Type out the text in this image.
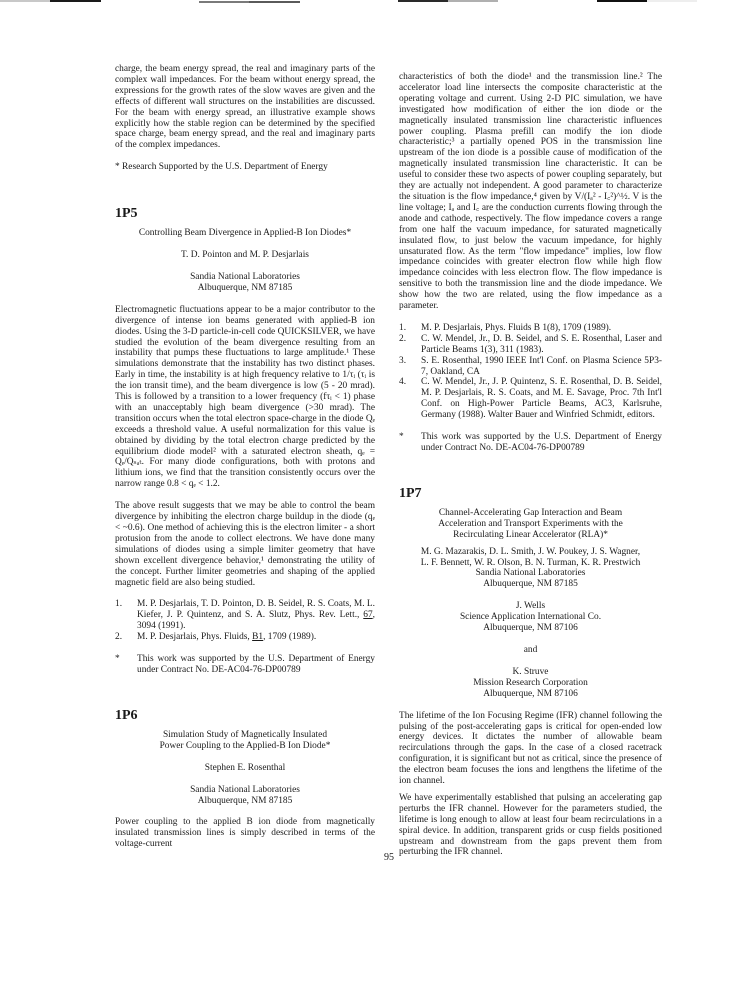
charge, the beam energy spread, the real and imaginary parts of the complex wall impedances. For the beam without energy spread, the expressions for the growth rates of the slow waves are given and the effects of different wall structures on the instabilities are discussed. For the beam with energy spread, an illustrative example shows explicitly how the stable region can be determined by the specified space charge, beam energy spread, and the real and imaginary parts of the complex impedances.

* Research Supported by the U.S. Department of Energy

1P5

Controlling Beam Divergence in Applied-B Ion Diodes*

T. D. Pointon and M. P. Desjarlais

Sandia National Laboratories

Albuquerque, NM 87185

Electromagnetic fluctuations appear to be a major contributor to the divergence of intense ion beams generated with applied-B ion diodes. Using the 3-D particle-in-cell code QUICKSILVER, we have studied the evolution of the beam divergence resulting from an instability that pumps these fluctuations to large amplitude.¹ These simulations demonstrate that the instability has two distinct phases. Early in time, the instability is at high frequency relative to 1/τᵢ (τᵢ is the ion transit time), and the beam divergence is low (5 - 20 mrad). This is followed by a transition to a lower frequency (fτᵢ < 1) phase with an unacceptably high beam divergence (>30 mrad). The transition occurs when the total electron space-charge in the diode Qₑ exceeds a threshold value. A useful normalization for this value is obtained by dividing by the total electron charge predicted by the equilibrium diode model² with a saturated electron sheath, qₑ = Qₑ/Qₛₐₜ. For many diode configurations, both with protons and lithium ions, we find that the transition consistently occurs over the narrow range 0.8 < qₑ < 1.2.

The above result suggests that we may be able to control the beam divergence by inhibiting the electron charge buildup in the diode (qₑ < ~0.6). One method of achieving this is the electron limiter - a short protusion from the anode to collect electrons. We have done many simulations of diodes using a simple limiter geometry that have shown excellent divergence behavior,¹ demonstrating the utility of the concept. Further limiter geometries and shaping of the applied magnetic field are also being studied.

1.	M. P. Desjarlais, T. D. Pointon, D. B. Seidel, R. S. Coats, M. L. Kiefer, J. P. Quintenz, and S. A. Slutz, Phys. Rev. Lett., 67, 3094 (1991).
2.	M. P. Desjarlais, Phys. Fluids, B1, 1709 (1989).
*	This work was supported by the U.S. Department of Energy under Contract No. DE-AC04-76-DP00789
1P6

Simulation Study of Magnetically Insulated

Power Coupling to the Applied-B Ion Diode*

Stephen E. Rosenthal

Sandia National Laboratories

Albuquerque, NM 87185

Power coupling to the applied B ion diode from magnetically insulated transmission lines is simply described in terms of the voltage-current

characteristics of both the diode¹ and the transmission line.² The accelerator load line intersects the composite characteristic at the operating voltage and current. Using 2-D PIC simulation, we have investigated how modification of either the ion diode or the magnetically insulated transmission line characteristic influences power coupling. Plasma prefill can modify the ion diode characteristic;³ a partially opened POS in the transmission line upstream of the ion diode is a possible cause of modification of the magnetically insulated transmission line characteristic. It can be useful to consider these two aspects of power coupling separately, but they are actually not independent. A good parameter to characterize the situation is the flow impedance,⁴ given by V/(Iₐ² - I꜀²)^½. V is the line voltage; Iₐ and I꜀ are the conduction currents flowing through the anode and cathode, respectively. The flow impedance covers a range from one half the vacuum impedance, for saturated magnetically insulated flow, to just below the vacuum impedance, for highly unsaturated flow. As the term "flow impedance" implies, low flow impedance coincides with greater electron flow while high flow impedance coincides with less electron flow. The flow impedance is sensitive to both the transmission line and the diode impedance. We show how the two are related, using the flow impedance as a parameter.

1.	M. P. Desjarlais, Phys. Fluids B 1(8), 1709 (1989).
2.	C. W. Mendel, Jr., D. B. Seidel, and S. E. Rosenthal, Laser and Particle Beams 1(3), 311 (1983).
3.	S. E. Rosenthal, 1990 IEEE Int'l Conf. on Plasma Science 5P3-7, Oakland, CA
4.	C. W. Mendel, Jr., J. P. Quintenz, S. E. Rosenthal, D. B. Seidel, M. P. Desjarlais, R. S. Coats, and M. E. Savage, Proc. 7th Int'l Conf. on High-Power Particle Beams, AC3, Karlsruhe, Germany (1988). Walter Bauer and Winfried Schmidt, editors.
*	This work was supported by the U.S. Department of Energy under Contract No. DE-AC04-76-DP00789
1P7

Channel-Accelerating Gap Interaction and Beam

Acceleration and Transport Experiments with the

Recirculating Linear Accelerator (RLA)*

M. G. Mazarakis, D. L. Smith, J. W. Poukey, J. S. Wagner,

L. F. Bennett, W. R. Olson, B. N. Turman, K. R. Prestwich

Sandia National Laboratories

Albuquerque, NM 87185

J. Wells

Science Application International Co.

Albuquerque, NM 87106

and

K. Struve

Mission Research Corporation

Albuquerque, NM 87106

The lifetime of the Ion Focusing Regime (IFR) channel following the pulsing of the post-accelerating gaps is critical for open-ended low energy devices. It dictates the number of allowable beam recirculations through the gaps. In the case of a closed racetrack configuration, it is significant but not as critical, since the presence of the electron beam focuses the ions and lengthens the lifetime of the ion channel.

We have experimentally established that pulsing an accelerating gap perturbs the IFR channel. However for the parameters studied, the lifetime is long enough to allow at least four beam recirculations in a spiral device. In addition, transparent grids or cusp fields positioned upstream and downstream from the gaps prevent them from perturbing the IFR channel.

95
